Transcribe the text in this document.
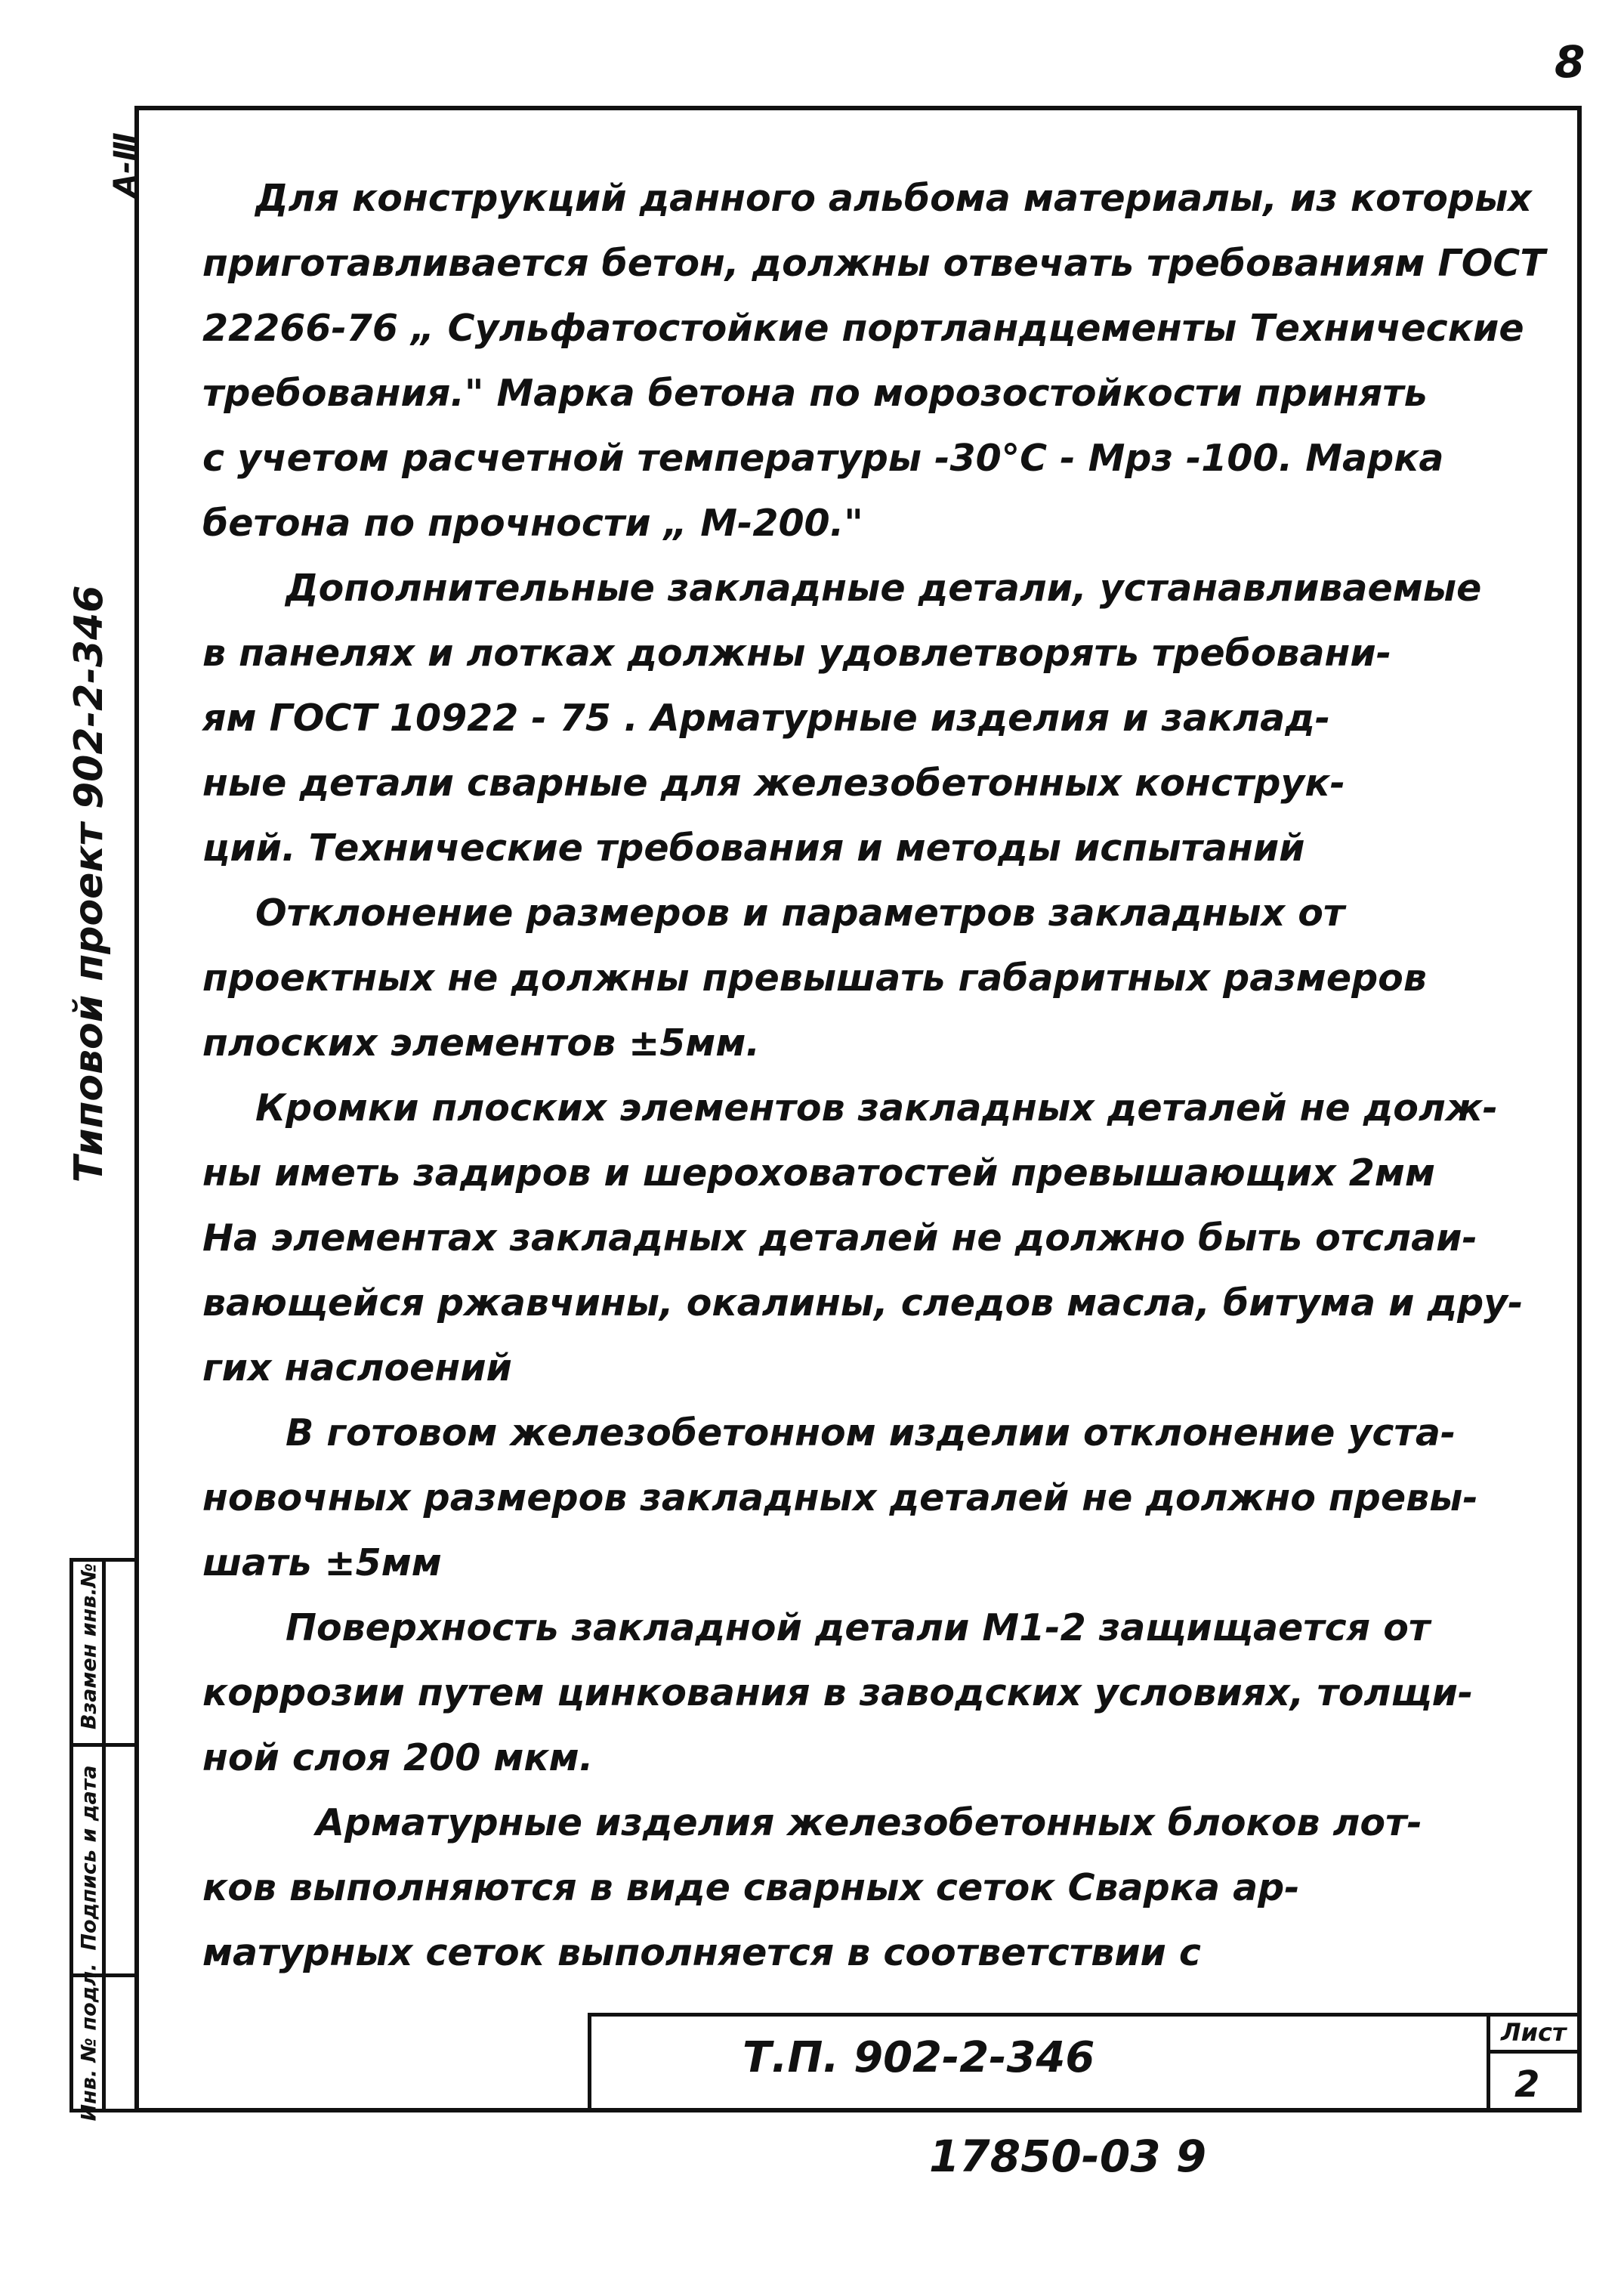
8
Типовой проект 902-2-346
А-Ⅲ
Взамен инв.№
Подпись и дата
Инв. № подл.
Для конструкций данного альбома материалы, из которых
приготавливается бетон, должны отвечать требованиям ГОСТ
22266-76 „ Сульфатостойкие портландцементы Технические
требования." Марка бетона по морозостойкости принять
с учетом расчетной температуры -30°С - Мрз -100. Марка
бетона по прочности „ М-200."
Дополнительные закладные детали, устанавливаемые
в панелях и лотках должны удовлетворять требовани-
ям ГОСТ 10922 - 75 . Арматурные изделия и заклад-
ные детали сварные для железобетонных конструк-
ций. Технические требования и методы испытаний
Отклонение размеров и параметров закладных от
проектных не должны превышать габаритных размеров
плоских элементов ±5мм.
Кромки плоских элементов закладных деталей не долж-
ны иметь задиров и шероховатостей превышающих 2мм
На элементах закладных деталей не должно быть отслаи-
вающейся ржавчины, окалины, следов масла, битума и дру-
гих наслоений
В готовом железобетонном изделии отклонение уста-
новочных размеров закладных деталей не должно превы-
шать ±5мм
Поверхность закладной детали М1-2 защищается от
коррозии путем цинкования в заводских условиях, толщи-
ной слоя 200 мкм.
Арматурные изделия железобетонных блоков лот-
ков выполняются в виде сварных сеток Сварка ар-
матурных сеток выполняется в соответствии с
Т.П. 902-2-346
Лист
2
17850-03 9
